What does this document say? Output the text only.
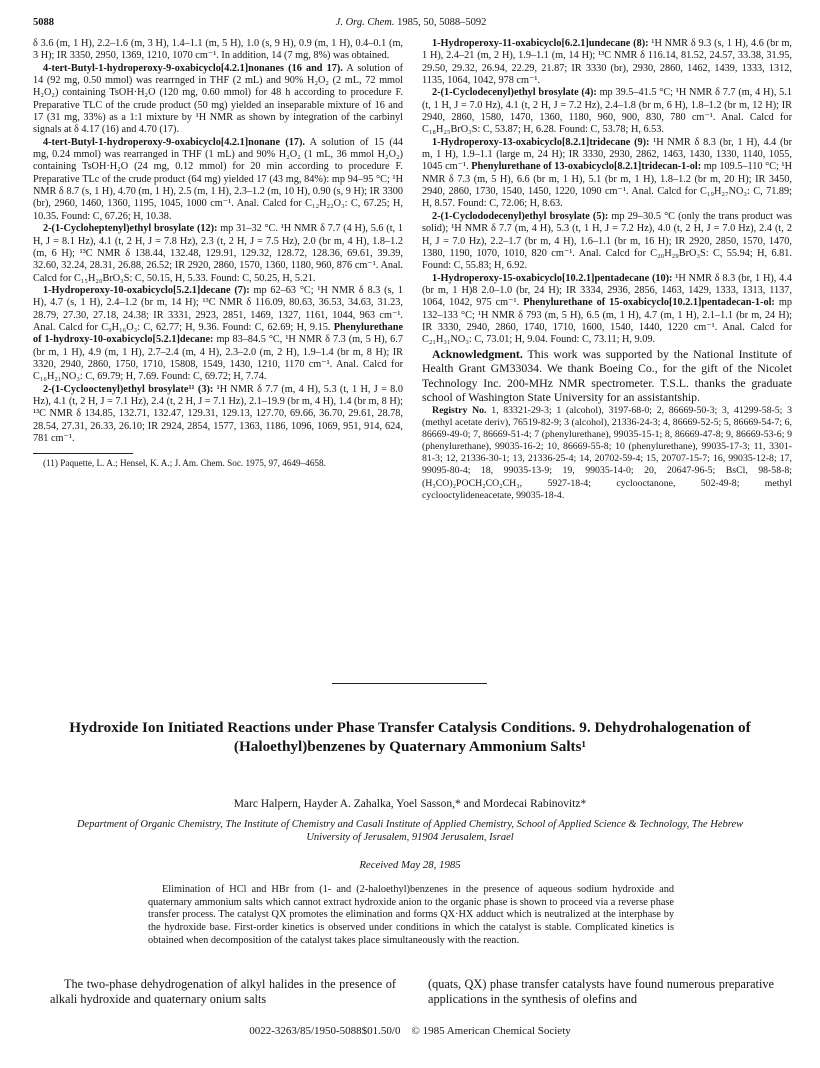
5088	J. Org. Chem. 1985, 50, 5088–5092

δ 3.6 (m, 1 H), 2.2–1.6 (m, 3 H), 1.4–1.1 (m, 5 H), 1.0 (s, 9 H), 0.9 (m, 1 H), 0.4–0.1 (m, 3 H); IR 3350, 2950, 1369, 1210, 1070 cm⁻¹. In addition, 14 (7 mg, 8%) was obtained.

4-tert-Butyl-1-hydroperoxy-9-oxabicyclo[4.2.1]nonanes (16 and 17). A solution of 14 (92 mg, 0.50 mmol) was rearrnged in THF (2 mL) and 90% H₂O₂ (2 mL, 72 mmol H₂O₂) containing TsOH·H₂O (120 mg, 0.60 mmol) for 48 h according to procedure F. Preparative TLC of the crude product (50 mg) yielded an inseparable mixture of 16 and 17 (31 mg, 33%) as a 1:1 mixture by ¹H NMR as shown by integration of the carbinyl signals at δ 4.17 (16) and 4.70 (17).

4-tert-Butyl-1-hydroperoxy-9-oxabicyclo[4.2.1]nonane (17). A solution of 15 (44 mg, 0.24 mmol) was rearranged in THF (1 mL) and 90% H₂O₂ (1 mL, 36 mmol H₂O₂) containing TsOH·H₂O (24 mg, 0.12 mmol) for 20 min according to procedure F. Preparative TLc of the crude product (64 mg) yielded 17 (43 mg, 84%): mp 94–95 °C; ¹H NMR δ 8.7 (s, 1 H), 4.70 (m, 1 H), 2.5 (m, 1 H), 2.3–1.2 (m, 10 H), 0.90 (s, 9 H); IR 3300 (br), 2960, 1460, 1360, 1195, 1045, 1000 cm⁻¹. Anal. Calcd for C₁₂H₂₂O₃: C, 67.25; H, 10.35. Found: C, 67.26; H, 10.38.

2-(1-Cycloheptenyl)ethyl brosylate (12): mp 31–32 °C. ¹H NMR δ 7.7 (4 H), 5.6 (t, 1 H, J = 8.1 Hz), 4.1 (t, 2 H, J = 7.8 Hz), 2.3 (t, 2 H, J = 7.5 Hz), 2.0 (br m, 4 H), 1.8–1.2 (m, 6 H); ¹³C NMR δ 138.44, 132.48, 129.91, 129.32, 128.72, 128.36, 69.61, 39.39, 32.60, 32.24, 28.31, 26.88, 26.52; IR 2920, 2860, 1570, 1360, 1180, 960, 876 cm⁻¹. Anal. Calcd for C₁₅H₂₀BrO₃S: C, 50.15, H, 5.33. Found: C, 50.25, H, 5.21.

1-Hydroperoxy-10-oxabicyclo[5.2.1]decane (7): mp 62–63 °C; ¹H NMR δ 8.3 (s, 1 H), 4.7 (s, 1 H), 2.4–1.2 (br m, 14 H); ¹³C NMR δ 116.09, 80.63, 36.53, 34.63, 31.23, 28.79, 27.30, 27.18, 24.38; IR 3331, 2923, 2851, 1469, 1327, 1161, 1044, 963 cm⁻¹. Anal. Calcd for C₉H₁₆O₃: C, 62.77; H, 9.36. Found: C, 62.69; H, 9.15. Phenylurethane of 1-hydroxy-10-oxabicyclo[5.2.1]decane: mp 83–84.5 °C, ¹H NMR δ 7.3 (m, 5 H), 6.7 (br m, 1 H), 4.9 (m, 1 H), 2.7–2.4 (m, 4 H), 2.3–2.0 (m, 2 H), 1.9–1.4 (br m, 8 H); IR 3320, 2940, 2860, 1750, 1710, 15808, 1549, 1430, 1210, 1170 cm⁻¹. Anal. Calcd for C₁₆H₂₁NO₃: C, 69.79; H, 7.69. Found: C, 69.72; H, 7.74.

2-(1-Cyclooctenyl)ethyl brosylate¹¹ (3): ¹H NMR δ 7.7 (m, 4 H), 5.3 (t, 1 H, J = 8.0 Hz), 4.1 (t, 2 H, J = 7.1 Hz), 2.4 (t, 2 H, J = 7.1 Hz), 2.1–19.9 (br m, 4 H), 1.4 (br m, 8 H); ¹³C NMR δ 134.85, 132.71, 132.47, 129.31, 129.13, 127.70, 69.66, 36.70, 29.61, 28.78, 28.54, 27.31, 26.33, 26.10; IR 2924, 2854, 1577, 1363, 1186, 1096, 1069, 951, 914, 624, 781 cm⁻¹.

(11) Paquette, L. A.; Hensel, K. A.; J. Am. Chem. Soc. 1975, 97, 4649–4658.

1-Hydroperoxy-11-oxabicyclo[6.2.1]undecane (8): ¹H NMR δ 9.3 (s, 1 H), 4.6 (br m, 1 H), 2.4–21 (m, 2 H), 1.9–1.1 (m, 14 H); ¹³C NMR δ 116.14, 81.52, 24.57, 33.38, 31.95, 29.50, 29.32, 26.94, 22.29, 21.87; IR 3330 (br), 2930, 2860, 1462, 1439, 1333, 1312, 1135, 1064, 1042, 978 cm⁻¹.

2-(1-Cyclodecenyl)ethyl brosylate (4): mp 39.5–41.5 °C; ¹H NMR δ 7.7 (m, 4 H), 5.1 (t, 1 H, J = 7.0 Hz), 4.1 (t, 2 H, J = 7.2 Hz), 2.4–1.8 (br m, 6 H), 1.8–1.2 (br m, 12 H); IR 2940, 2860, 1580, 1470, 1360, 1180, 960, 900, 830, 780 cm⁻¹. Anal. Calcd for C₁₈H₂₅BrO₃S: C, 53.87; H, 6.28. Found: C, 53.78; H, 6.53.

1-Hydroperoxy-13-oxabicyclo[8.2.1]tridecane (9): ¹H NMR δ 8.3 (br, 1 H), 4.4 (br m, 1 H), 1.9–1.1 (large m, 24 H); IR 3330, 2930, 2862, 1463, 1430, 1330, 1140, 1055, 1045 cm⁻¹. Phenylurethane of 13-oxabicyclo[8.2.1]tridecan-1-ol: mp 109.5–110 °C; ¹H NMR δ 7.3 (m, 5 H), 6.6 (br m, 1 H), 5.1 (br m, 1 H), 1.8–1.2 (br m, 20 H); IR 3450, 2940, 2860, 1730, 1540, 1450, 1220, 1090 cm⁻¹. Anal. Calcd for C₁₉H₂₇NO₃: C, 71.89; H, 8.57. Found: C, 72.06; H, 8.63.

2-(1-Cyclododecenyl)ethyl brosylate (5): mp 29–30.5 °C (only the trans product was solid); ¹H NMR δ 7.7 (m, 4 H), 5.3 (t, 1 H, J = 7.2 Hz), 4.0 (t, 2 H, J = 7.0 Hz), 2.4 (t, 2 H, J = 7.0 Hz), 2.2–1.7 (br m, 4 H), 1.6–1.1 (br m, 16 H); IR 2920, 2850, 1570, 1470, 1380, 1190, 1070, 1010, 820 cm⁻¹. Anal. Calcd for C₂₀H₂₉BrO₃S: C, 55.94; H, 6.81. Found: C, 55.83; H, 6.92.

1-Hydroperoxy-15-oxabicyclo[10.2.1]pentadecane (10): ¹H NMR δ 8.3 (br, 1 H), 4.4 (br m, 1 H)8 2.0–1.0 (br, 24 H); IR 3334, 2936, 2856, 1463, 1429, 1333, 1313, 1137, 1064, 1042, 975 cm⁻¹. Phenylurethane of 15-oxabicyclo[10.2.1]pentadecan-1-ol: mp 132–133 °C; ¹H NMR δ 793 (m, 5 H), 6.5 (m, 1 H), 4.7 (m, 1 H), 2.1–1.1 (br m, 24 H); IR 3330, 2940, 2860, 1740, 1710, 1600, 1540, 1440, 1220 cm⁻¹. Anal. Calcd for C₂₁H₃₁NO₃: C, 73.01; H, 9.04. Found: C, 73.11; H, 9.09.

Acknowledgment. This work was supported by the National Institute of Health Grant GM33034. We thank Boeing Co., for the gift of the Nicolet Technology Inc. 200-MHz NMR spectrometer. T.S.L. thanks the graduate school of Washington State University for an assistantship.

Registry No. 1, 83321-29-3; 1 (alcohol), 3197-68-0; 2, 86669-50-3; 3, 41299-58-5; 3 (methyl acetate deriv), 76519-82-9; 3 (alcohol), 21336-24-3; 4, 86669-52-5; 5, 86669-54-7; 6, 86669-49-0; 7, 86669-51-4; 7 (phenylurethane), 99035-15-1; 8, 86669-47-8; 9, 86669-53-6; 9 (phenylurethane), 99035-16-2; 10, 86669-55-8; 10 (phenylurethane), 99035-17-3; 11, 3301-81-3; 12, 21336-30-1; 13, 21336-25-4; 14, 20702-59-4; 15, 20707-15-7; 16, 99035-12-8; 17, 99095-80-4; 18, 99035-13-9; 19, 99035-14-0; 20, 20647-96-5; BsCl, 98-58-8; (H₃CO)₂POCH₂CO₂CH₃, 5927-18-4; cyclooctanone, 502-49-8; methyl cyclooctylideneacetate, 99035-18-4.

Hydroxide Ion Initiated Reactions under Phase Transfer Catalysis Conditions. 9. Dehydrohalogenation of (Haloethyl)benzenes by Quaternary Ammonium Salts¹
Marc Halpern, Hayder A. Zahalka, Yoel Sasson,* and Mordecai Rabinovitz*
Department of Organic Chemistry, The Institute of Chemistry and Casali Institute of Applied Chemistry, School of Applied Science & Technology, The Hebrew University of Jerusalem, 91904 Jerusalem, Israel
Received May 28, 1985
Elimination of HCl and HBr from (1- and (2-haloethyl)benzenes in the presence of aqueous sodium hydroxide and quaternary ammonium salts which cannot extract hydroxide anion to the organic phase is shown to proceed via a reverse phase transfer process. The catalyst QX promotes the elimination and forms QX·HX adduct which is neutralized at the interphase by the hydroxide base. First-order kinetics is observed under conditions in which the catalyst is stable. Complicated kinetics is obtained when decomposition of the catalyst takes place simultaneously with the reaction.
The two-phase dehydrogenation of alkyl halides in the presence of alkali hydroxide and quaternary onium salts
(quats, QX) phase transfer catalysts have found numerous preparative applications in the synthesis of olefins and
0022-3263/85/1950-5088$01.50/0 © 1985 American Chemical Society
